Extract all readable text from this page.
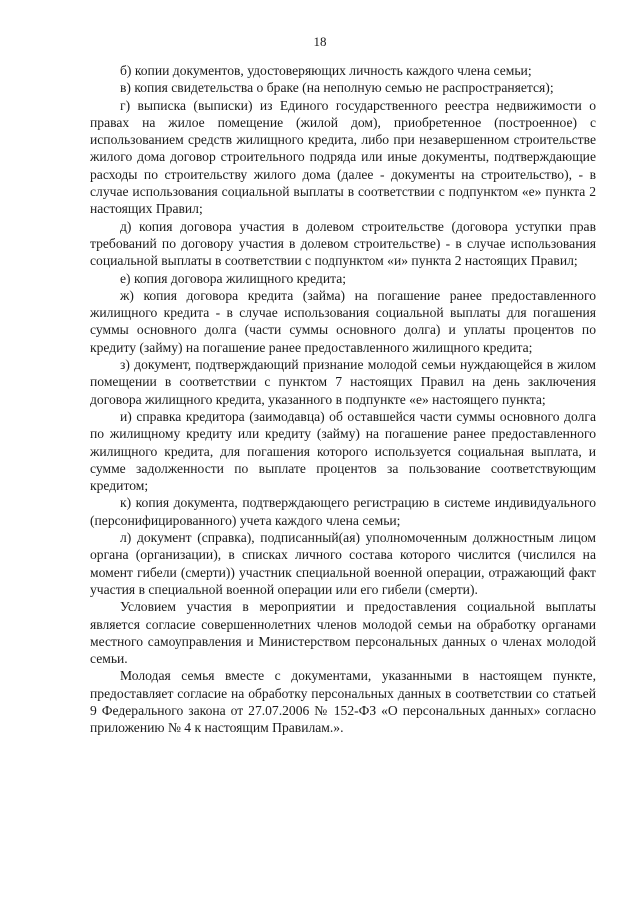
18

б) копии документов, удостоверяющих личность каждого члена семьи;

в) копия свидетельства о браке (на неполную семью не распространяется);

г) выписка (выписки) из Единого государственного реестра недвижимости о правах на жилое помещение (жилой дом), приобретенное (построенное) с использованием средств жилищного кредита, либо при незавершенном строительстве жилого дома договор строительного подряда или иные документы, подтверждающие расходы по строительству жилого дома (далее - документы на строительство), - в случае использования социальной выплаты в соответствии с подпунктом «е» пункта 2 настоящих Правил;

д) копия договора участия в долевом строительстве (договора уступки прав требований по договору участия в долевом строительстве) - в случае использования социальной выплаты в соответствии с подпунктом «и» пункта 2 настоящих Правил;

е) копия договора жилищного кредита;

ж) копия договора кредита (займа) на погашение ранее предоставленного жилищного кредита - в случае использования социальной выплаты для погашения суммы основного долга (части суммы основного долга) и уплаты процентов по кредиту (займу) на погашение ранее предоставленного жилищного кредита;

з) документ, подтверждающий признание молодой семьи нуждающейся в жилом помещении в соответствии с пунктом 7 настоящих Правил на день заключения договора жилищного кредита, указанного в подпункте «е» настоящего пункта;

и) справка кредитора (заимодавца) об оставшейся части суммы основного долга по жилищному кредиту или кредиту (займу) на погашение ранее предоставленного жилищного кредита, для погашения которого используется социальная выплата, и сумме задолженности по выплате процентов за пользование соответствующим кредитом;

к) копия документа, подтверждающего регистрацию в системе индивидуального (персонифицированного) учета каждого члена семьи;

л) документ (справка), подписанный(ая) уполномоченным должностным лицом органа (организации), в списках личного состава которого числится (числился на момент гибели (смерти)) участник специальной военной операции, отражающий факт участия в специальной военной операции или его гибели (смерти).

Условием участия в мероприятии и предоставления социальной выплаты является согласие совершеннолетних членов молодой семьи на обработку органами местного самоуправления и Министерством персональных данных о членах молодой семьи.

Молодая семья вместе с документами, указанными в настоящем пункте, предоставляет согласие на обработку персональных данных в соответствии со статьей 9 Федерального закона от 27.07.2006 № 152-ФЗ «О персональных данных» согласно приложению № 4 к настоящим Правилам.».
